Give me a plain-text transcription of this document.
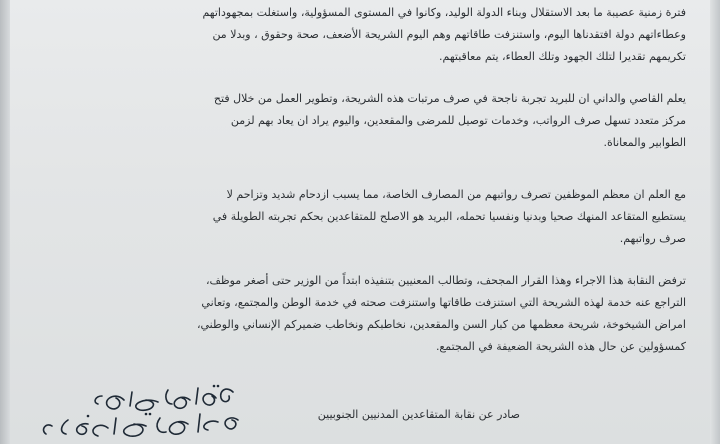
فترة زمنية عصيبة ما بعد الاستقلال وبناء الدولة الوليد، وكانوا في المستوى المسؤولية، واستغلت بمجهوداتهم
وعطاءاتهم دولة افتقدناها اليوم، واستنزفت طاقاتهم وهم اليوم الشريحة الأضعف، صحة وحقوق ، وبدلا من
تكريمهم تقديرا لتلك الجهود وتلك العطاء، يتم معاقبتهم.
يعلم القاصي والداني ان للبريد تجربة ناجحة في صرف مرتبات هذه الشريحة، وتطوير العمل من خلال فتح
مركز متعدد تسهل صرف الرواتب، وخدمات توصيل للمرضى والمقعدين، واليوم يراد ان يعاد بهم لزمن
الطوابير والمعاناة.
مع العلم ان معظم الموظفين تصرف رواتبهم من المصارف الخاصة، مما يسبب ازدحام شديد وتزاحم لا
يستطيع المتقاعد المنهك صحيا وبدنيا ونفسيا تحمله، البريد هو الاصلح للمتقاعدين بحكم تجربته الطويلة في
صرف رواتبهم.
ترفض النقابة هذا الاجراء وهذا القرار المجحف، وتطالب المعنيين بتنفيذه ابتداً من الوزير حتى أصغر موظف،
التراجع عنه خدمة لهذه الشريحة التي استنزفت طاقاتها واستنزفت صحته في خدمة الوطن والمجتمع، وتعاني
امراض الشيخوخة، شريحة معظمها من كبار السن والمقعدين، نخاطبكم ونخاطب ضميركم الإنساني والوطني،
كمسؤولين عن حال هذه الشريحة الضعيفة في المجتمع.
صادر عن نقابة المتقاعدين المدنيين الجنوبيين
